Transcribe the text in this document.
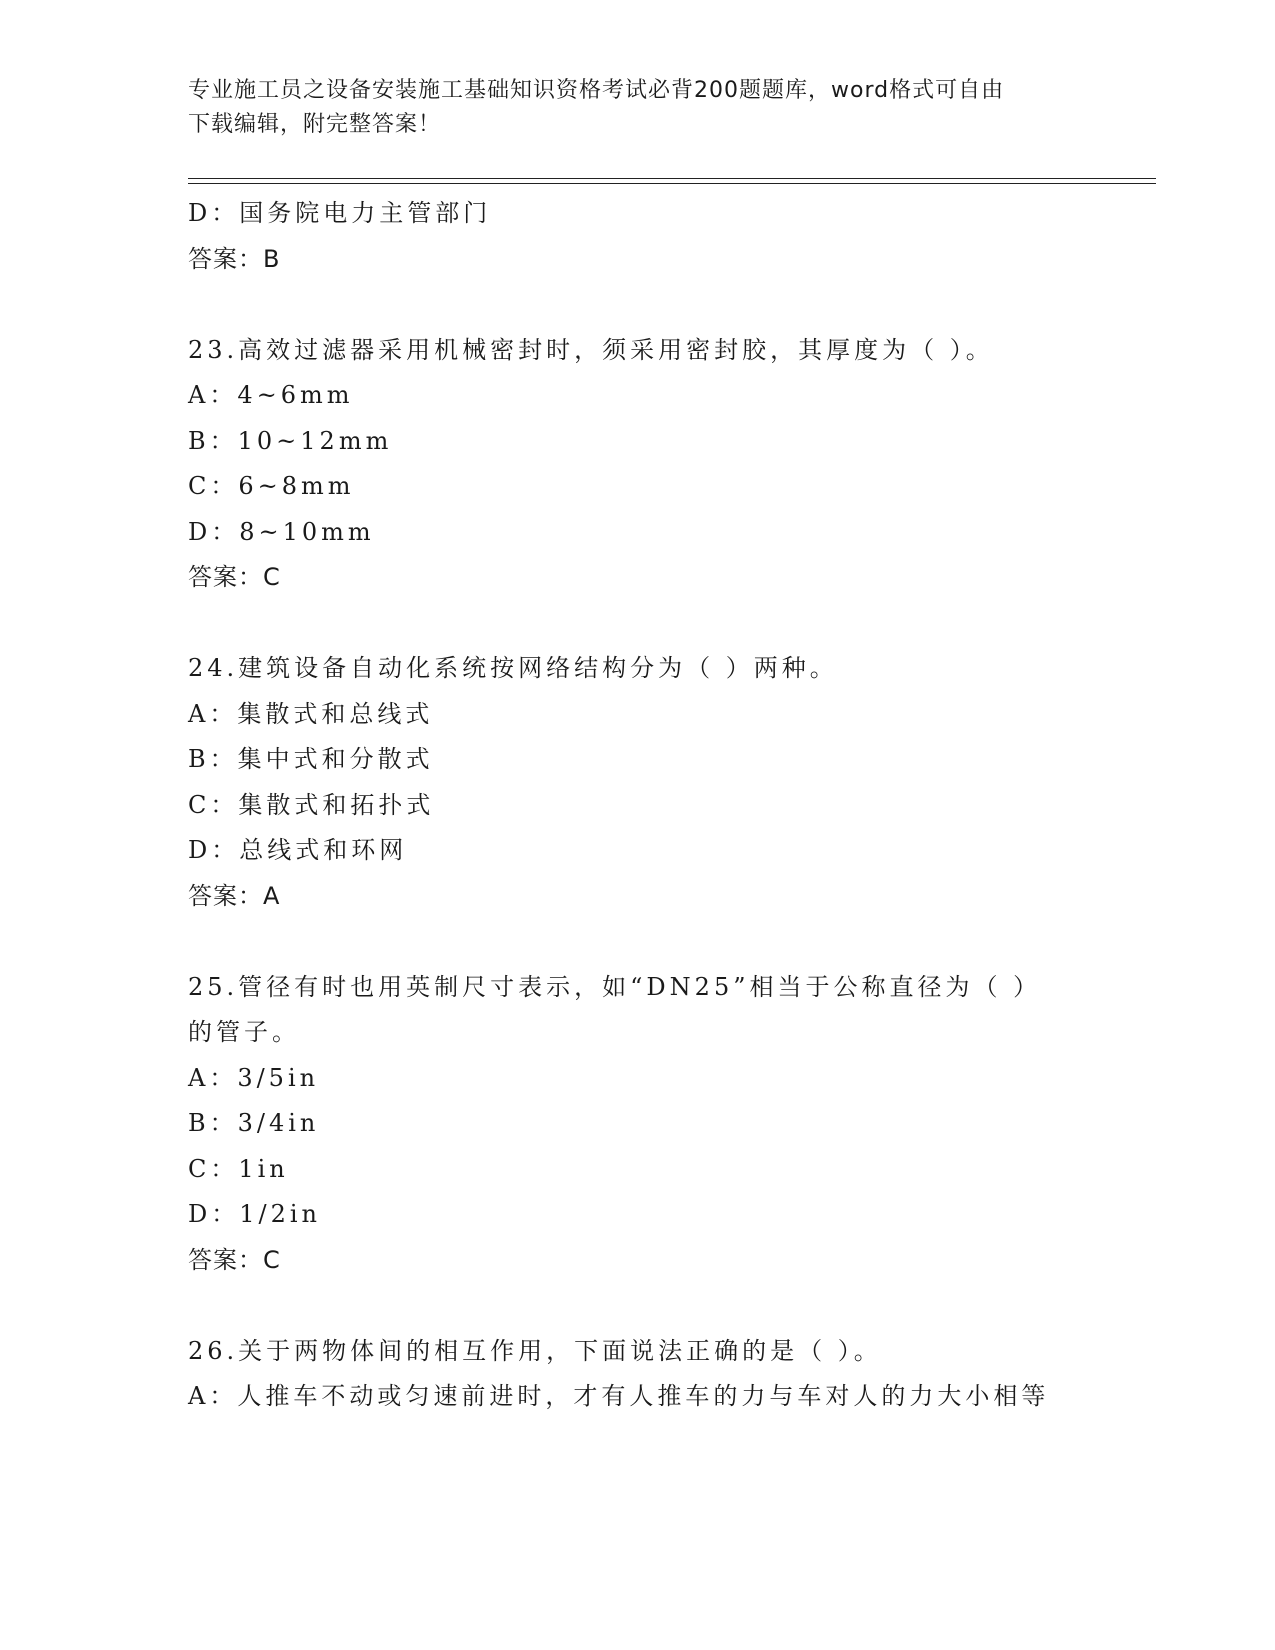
专业施工员之设备安装施工基础知识资格考试必背200题题库，word格式可自由
下载编辑，附完整答案！
D：国务院电力主管部门
答案：B
23.高效过滤器采用机械密封时，须采用密封胶，其厚度为（ ）。
A：4~6mm
B：10~12mm
C：6~8mm
D：8~10mm
答案：C
24.建筑设备自动化系统按网络结构分为（ ）两种。
A：集散式和总线式
B：集中式和分散式
C：集散式和拓扑式
D：总线式和环网
答案：A
25.管径有时也用英制尺寸表示，如“DN25”相当于公称直径为（ ）
的管子。
A：3/5in
B：3/4in
C：1in
D：1/2in
答案：C
26.关于两物体间的相互作用，下面说法正确的是（ ）。
A：人推车不动或匀速前进时，才有人推车的力与车对人的力大小相等
